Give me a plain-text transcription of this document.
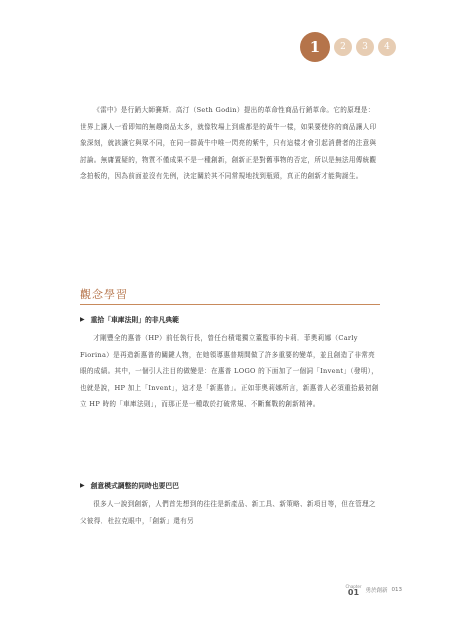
1	2	3	4

《雷中》是行銷大師賽斯．高汀（Seth Godin）提出的革命性商品行銷革命。它的原理是：世界上讓人一看即知的無趣商品太多，就像牧場上到處都是的黃牛一樣，如果要使你的商品讓人印象深刻，就該讓它與眾不同，在同一群黃牛中唯一閃亮的紫牛，只有這樣才會引起消費者的注意與討論。無庸置疑的，物質不僅成果不是一種創新，創新正是對舊事物的否定，所以是無法用傳統觀念拍板的，因為前面並沒有先例，決定關於其不同常規地找到瓶頸，真正的創新才能夠誕生。

觀念學習
▶ 重拾「車庫法則」的非凡典範

才剛豐全的惠普（HP）前任執行長，曾任台積電獨立董監事的卡莉．菲奧莉娜（Carly Fiorina）是再造新惠普的關鍵人物，在她領導惠普期間做了許多重要的變革，並且創造了非常亮眼的成績。其中，一個引人注目的做變是：在惠普 LOGO 的下面加了一個詞「Invent」（發明），也就是說，HP 加上「Invent」，這才是「新惠普」。正如菲奧莉娜所言，新惠普人必須重拾最初創立 HP 時的「車庫法則」，而那正是一種敢於打破常規、不斷奮戰的創新精神。

▶ 創意模式調整的同時也要巴巴

很多人一說到創新，人們首先想到的往往是新產品、新工具、新策略、新項目等，但在管理之父彼得．杜拉克眼中，「創新」還有另

Chapter
01 勇於創新 013
